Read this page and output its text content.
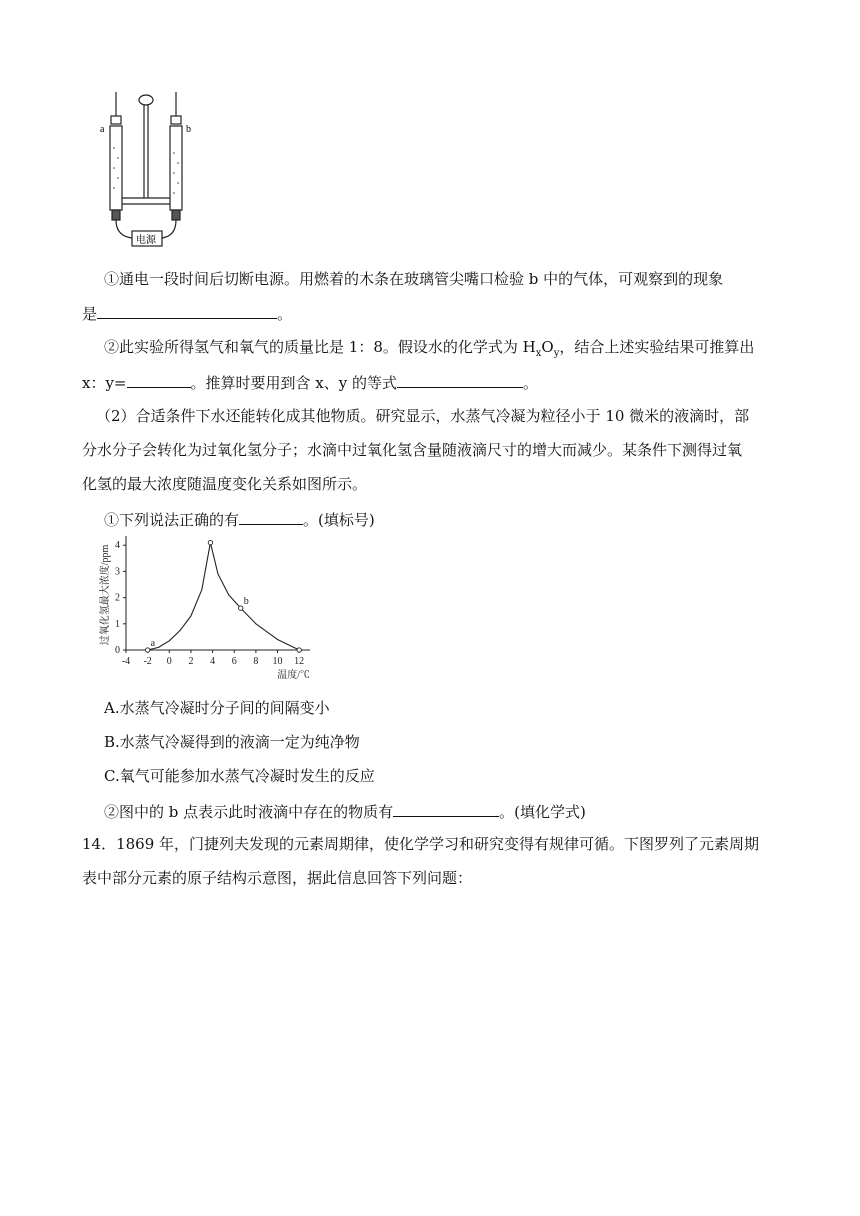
a	b
电源
①通电一段时间后切断电源。用燃着的木条在玻璃管尖嘴口检验 b 中的气体，可观察到的现象
是	。
②此实验所得氢气和氧气的质量比是 1：8。假设水的化学式为 $H_xO_y$，结合上述实验结果可推算出
x：y=	。推算时要用到含 x、y 的等式	。
（2）合适条件下水还能转化成其他物质。研究显示，水蒸气冷凝为粒径小于 10 微米的液滴时，部
分水分子会转化为过氧化氢分子；水滴中过氧化氢含量随液滴尺寸的增大而减少。某条件下测得过氧
化氢的最大浓度随温度变化关系如图所示。
①下列说法正确的有	。(填标号)
-4 -2 0 2 4 6 8 10 12
0
1
2
3
4
a
b
过氧化氢最大浓度/ppm
温度/℃
A.水蒸气冷凝时分子间的间隔变小
B.水蒸气冷凝得到的液滴一定为纯净物
C.氧气可能参加水蒸气冷凝时发生的反应
②图中的 b 点表示此时液滴中存在的物质有	。(填化学式)
14．1869 年，门捷列夫发现的元素周期律，使化学学习和研究变得有规律可循。下图罗列了元素周期
表中部分元素的原子结构示意图，据此信息回答下列问题：
